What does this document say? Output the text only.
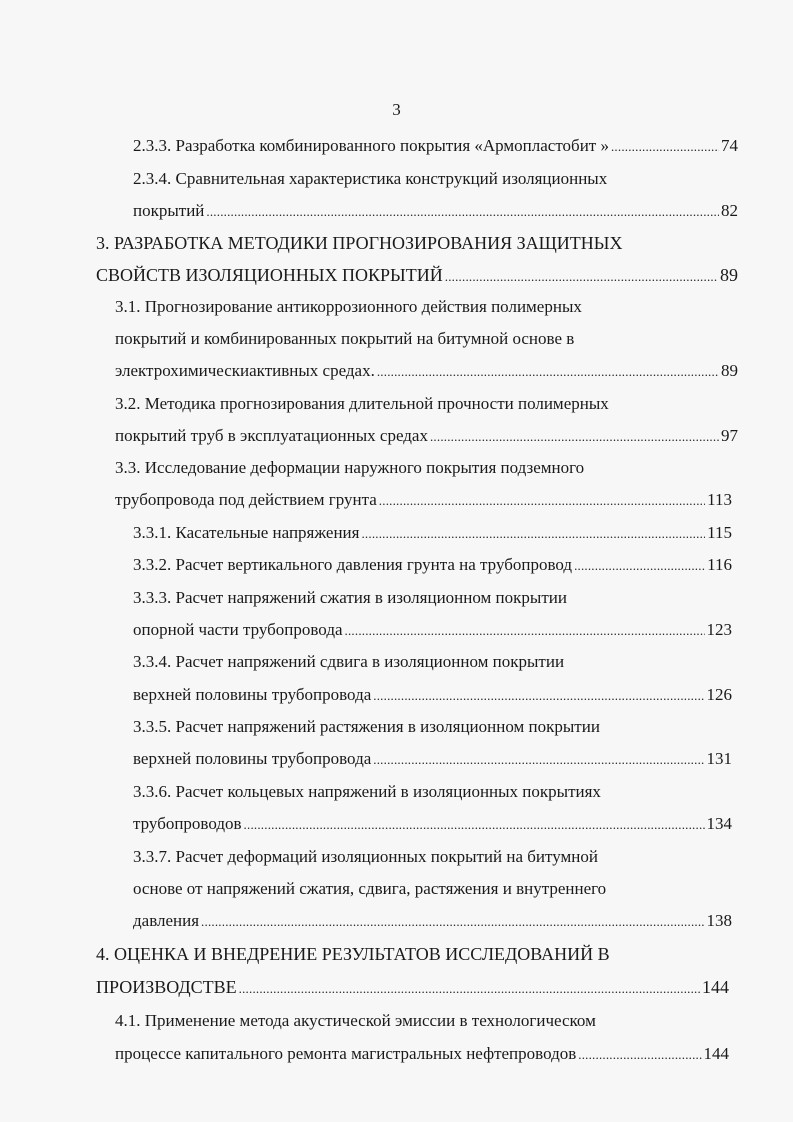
3
2.3.3. Разработка комбинированного покрытия «Армопластобит » .....	74
2.3.4. Сравнительная характеристика конструкций изоляционных
покрытий .....	82
3. РАЗРАБОТКА МЕТОДИКИ ПРОГНОЗИРОВАНИЯ ЗАЩИТНЫХ
СВОЙСТВ ИЗОЛЯЦИОННЫХ ПОКРЫТИЙ .....	89
3.1. Прогнозирование антикоррозионного действия полимерных
покрытий и комбинированных покрытий на битумной основе в
электрохимическиактивных средах. .....	89
3.2. Методика прогнозирования длительной прочности полимерных
покрытий труб в эксплуатационных средах .....	97
3.3. Исследование деформации наружного покрытия подземного
трубопровода под действием грунта .....	113
3.3.1. Касательные напряжения .....	115
3.3.2. Расчет вертикального давления грунта на трубопровод .....	116
3.3.3. Расчет напряжений сжатия в изоляционном покрытии
опорной части трубопровода .....	123
3.3.4. Расчет напряжений сдвига в изоляционном покрытии
верхней половины трубопровода .....	126
3.3.5. Расчет напряжений растяжения в изоляционном покрытии
верхней половины трубопровода .....	131
3.3.6. Расчет кольцевых напряжений в изоляционных покрытиях
трубопроводов .....	134
3.3.7. Расчет деформаций изоляционных покрытий на битумной
основе от напряжений сжатия, сдвига, растяжения и внутреннего
давления .....	138
4. ОЦЕНКА И ВНЕДРЕНИЕ РЕЗУЛЬТАТОВ ИССЛЕДОВАНИЙ В
ПРОИЗВОДСТВЕ .....	144
4.1. Применение метода акустической эмиссии в технологическом
процессе капитального ремонта магистральных нефтепроводов .....	144
